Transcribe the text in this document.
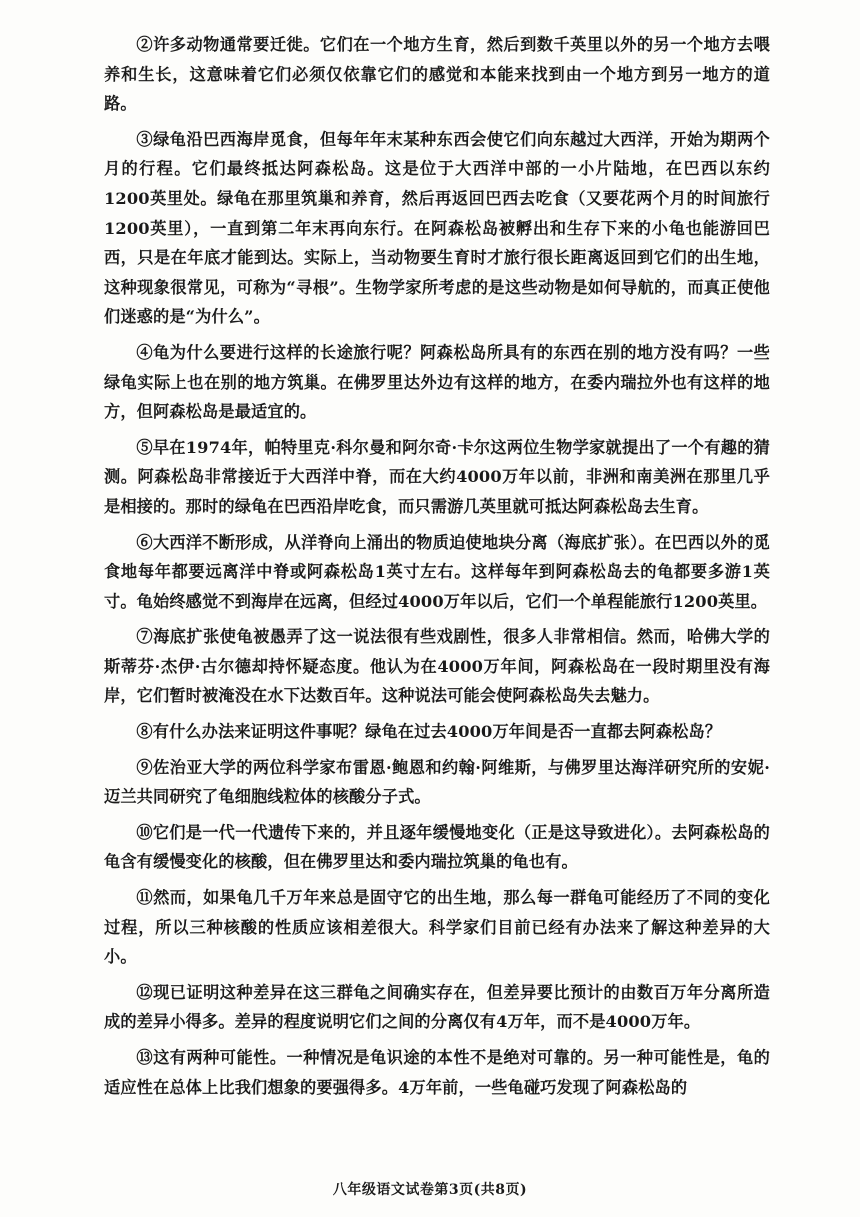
②许多动物通常要迁徙。它们在一个地方生育，然后到数千英里以外的另一个地方去喂养和生长，这意味着它们必须仅依靠它们的感觉和本能来找到由一个地方到另一地方的道路。

③绿龟沿巴西海岸觅食，但每年年末某种东西会使它们向东越过大西洋，开始为期两个月的行程。它们最终抵达阿森松岛。这是位于大西洋中部的一小片陆地，在巴西以东约1200英里处。绿龟在那里筑巢和养育，然后再返回巴西去吃食（又要花两个月的时间旅行1200英里），一直到第二年末再向东行。在阿森松岛被孵出和生存下来的小龟也能游回巴西，只是在年底才能到达。实际上，当动物要生育时才旅行很长距离返回到它们的出生地，这种现象很常见，可称为“寻根”。生物学家所考虑的是这些动物是如何导航的，而真正使他们迷惑的是“为什么”。

④龟为什么要进行这样的长途旅行呢？阿森松岛所具有的东西在别的地方没有吗？一些绿龟实际上也在别的地方筑巢。在佛罗里达外边有这样的地方，在委内瑞拉外也有这样的地方，但阿森松岛是最适宜的。

⑤早在1974年，帕特里克·科尔曼和阿尔奇·卡尔这两位生物学家就提出了一个有趣的猜测。阿森松岛非常接近于大西洋中脊，而在大约4000万年以前，非洲和南美洲在那里几乎是相接的。那时的绿龟在巴西沿岸吃食，而只需游几英里就可抵达阿森松岛去生育。

⑥大西洋不断形成，从洋脊向上涌出的物质迫使地块分离（海底扩张）。在巴西以外的觅食地每年都要远离洋中脊或阿森松岛1英寸左右。这样每年到阿森松岛去的龟都要多游1英寸。龟始终感觉不到海岸在远离，但经过4000万年以后，它们一个单程能旅行1200英里。

⑦海底扩张使龟被愚弄了这一说法很有些戏剧性，很多人非常相信。然而，哈佛大学的斯蒂芬·杰伊·古尔德却持怀疑态度。他认为在4000万年间，阿森松岛在一段时期里没有海岸，它们暂时被淹没在水下达数百年。这种说法可能会使阿森松岛失去魅力。

⑧有什么办法来证明这件事呢？绿龟在过去4000万年间是否一直都去阿森松岛？

⑨佐治亚大学的两位科学家布雷恩·鲍恩和约翰·阿维斯，与佛罗里达海洋研究所的安妮·迈兰共同研究了龟细胞线粒体的核酸分子式。

⑩它们是一代一代遗传下来的，并且逐年缓慢地变化（正是这导致进化）。去阿森松岛的龟含有缓慢变化的核酸，但在佛罗里达和委内瑞拉筑巢的龟也有。

⑪然而，如果龟几千万年来总是固守它的出生地，那么每一群龟可能经历了不同的变化过程，所以三种核酸的性质应该相差很大。科学家们目前已经有办法来了解这种差异的大小。

⑫现已证明这种差异在这三群龟之间确实存在，但差异要比预计的由数百万年分离所造成的差异小得多。差异的程度说明它们之间的分离仅有4万年，而不是4000万年。

⑬这有两种可能性。一种情况是龟识途的本性不是绝对可靠的。另一种可能性是，龟的适应性在总体上比我们想象的要强得多。4万年前，一些龟碰巧发现了阿森松岛的

八年级语文试卷第3页(共8页)
